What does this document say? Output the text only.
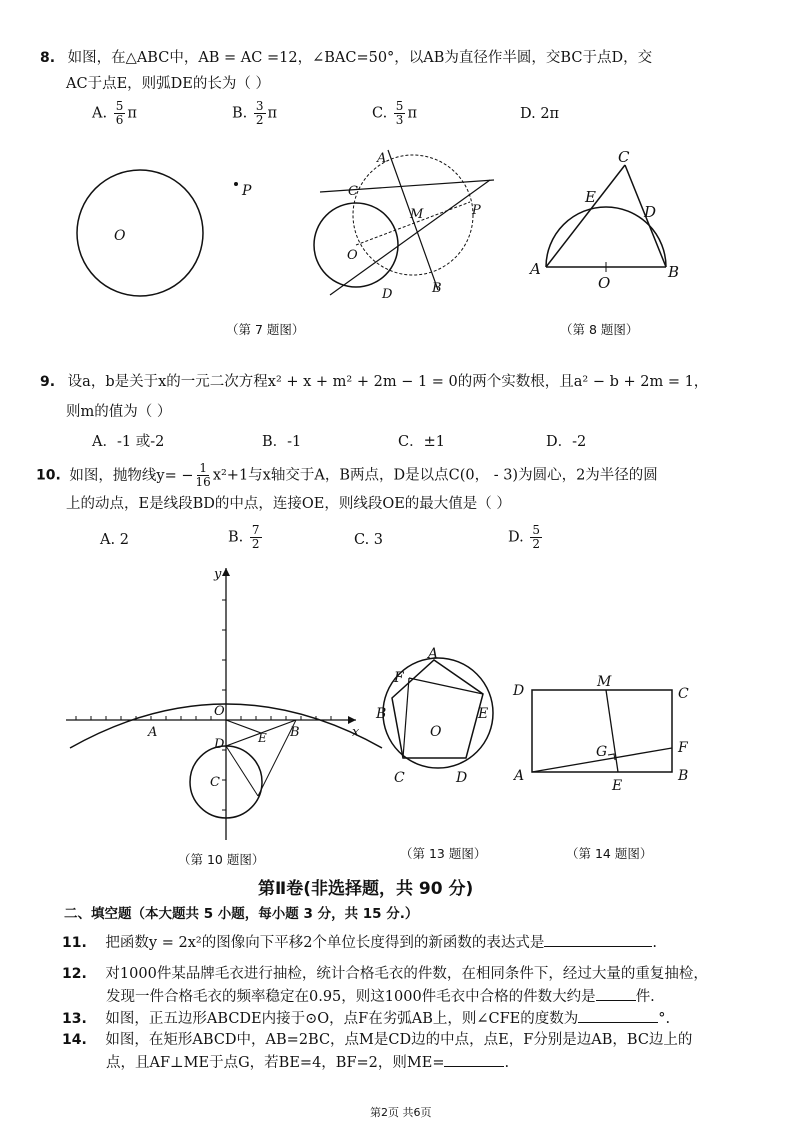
8. 如图，在△ABC中，AB = AC =12，∠BAC=50°，以AB为直径作半圆，交BC于点D，交
AC于点E，则弧DE的长为（ ）
A. $\frac{5}{6}$ π	B. $\frac{3}{2}$ π	C. $\frac{5}{3}$ π	D. 2π
O
P
A
C
M	P
O
D	B
C
E
D
A
O
B
（第 7 题图）	（第 8 题图）
9. 设a，b是关于x的一元二次方程x² + x + m² + 2m − 1 = 0的两个实数根，且a² − b + 2m = 1，
则m的值为（ ）
A．-1 或-2	B．-1	C．±1	D．-2
10. 如图，抛物线$y= - \frac{1}{16} x^2+1$与x轴交于A，B两点，D是以点C(0， - 3)为圆心，2为半径的圆
上的动点，E是线段BD的中点，连接OE，则线段OE的最大值是（ ）
A. 2	B. $\frac{7}{2}$	C. 3	D. $\frac{5}{2}$
y
x
O
A	B
D	E
C
A
F
B	E
O
C	D
D
M
C
G	F
A
E
B
（第 10 题图）	（第 13 题图）	（第 14 题图）
第Ⅱ卷(非选择题，共 90 分)
二、填空题（本大题共 5 小题，每小题 3 分，共 15 分.）
11. 把函数y = 2x²的图像向下平移2个单位长度得到的新函数的表达式是	.
12. 对1000件某品牌毛衣进行抽检，统计合格毛衣的件数，在相同条件下，经过大量的重复抽检，
发现一件合格毛衣的频率稳定在0.95，则这1000件毛衣中合格的件数大约是	件.
13. 如图，正五边形ABCDE内接于⊙O，点F在劣弧AB上，则∠CFE的度数为	°.
14. 如图，在矩形ABCD中，AB=2BC，点M是CD边的中点，点E，F分别是边AB，BC边上的
点，且AF⊥ME于点G，若BE=4，BF=2，则ME=	.
第2页 共6页
